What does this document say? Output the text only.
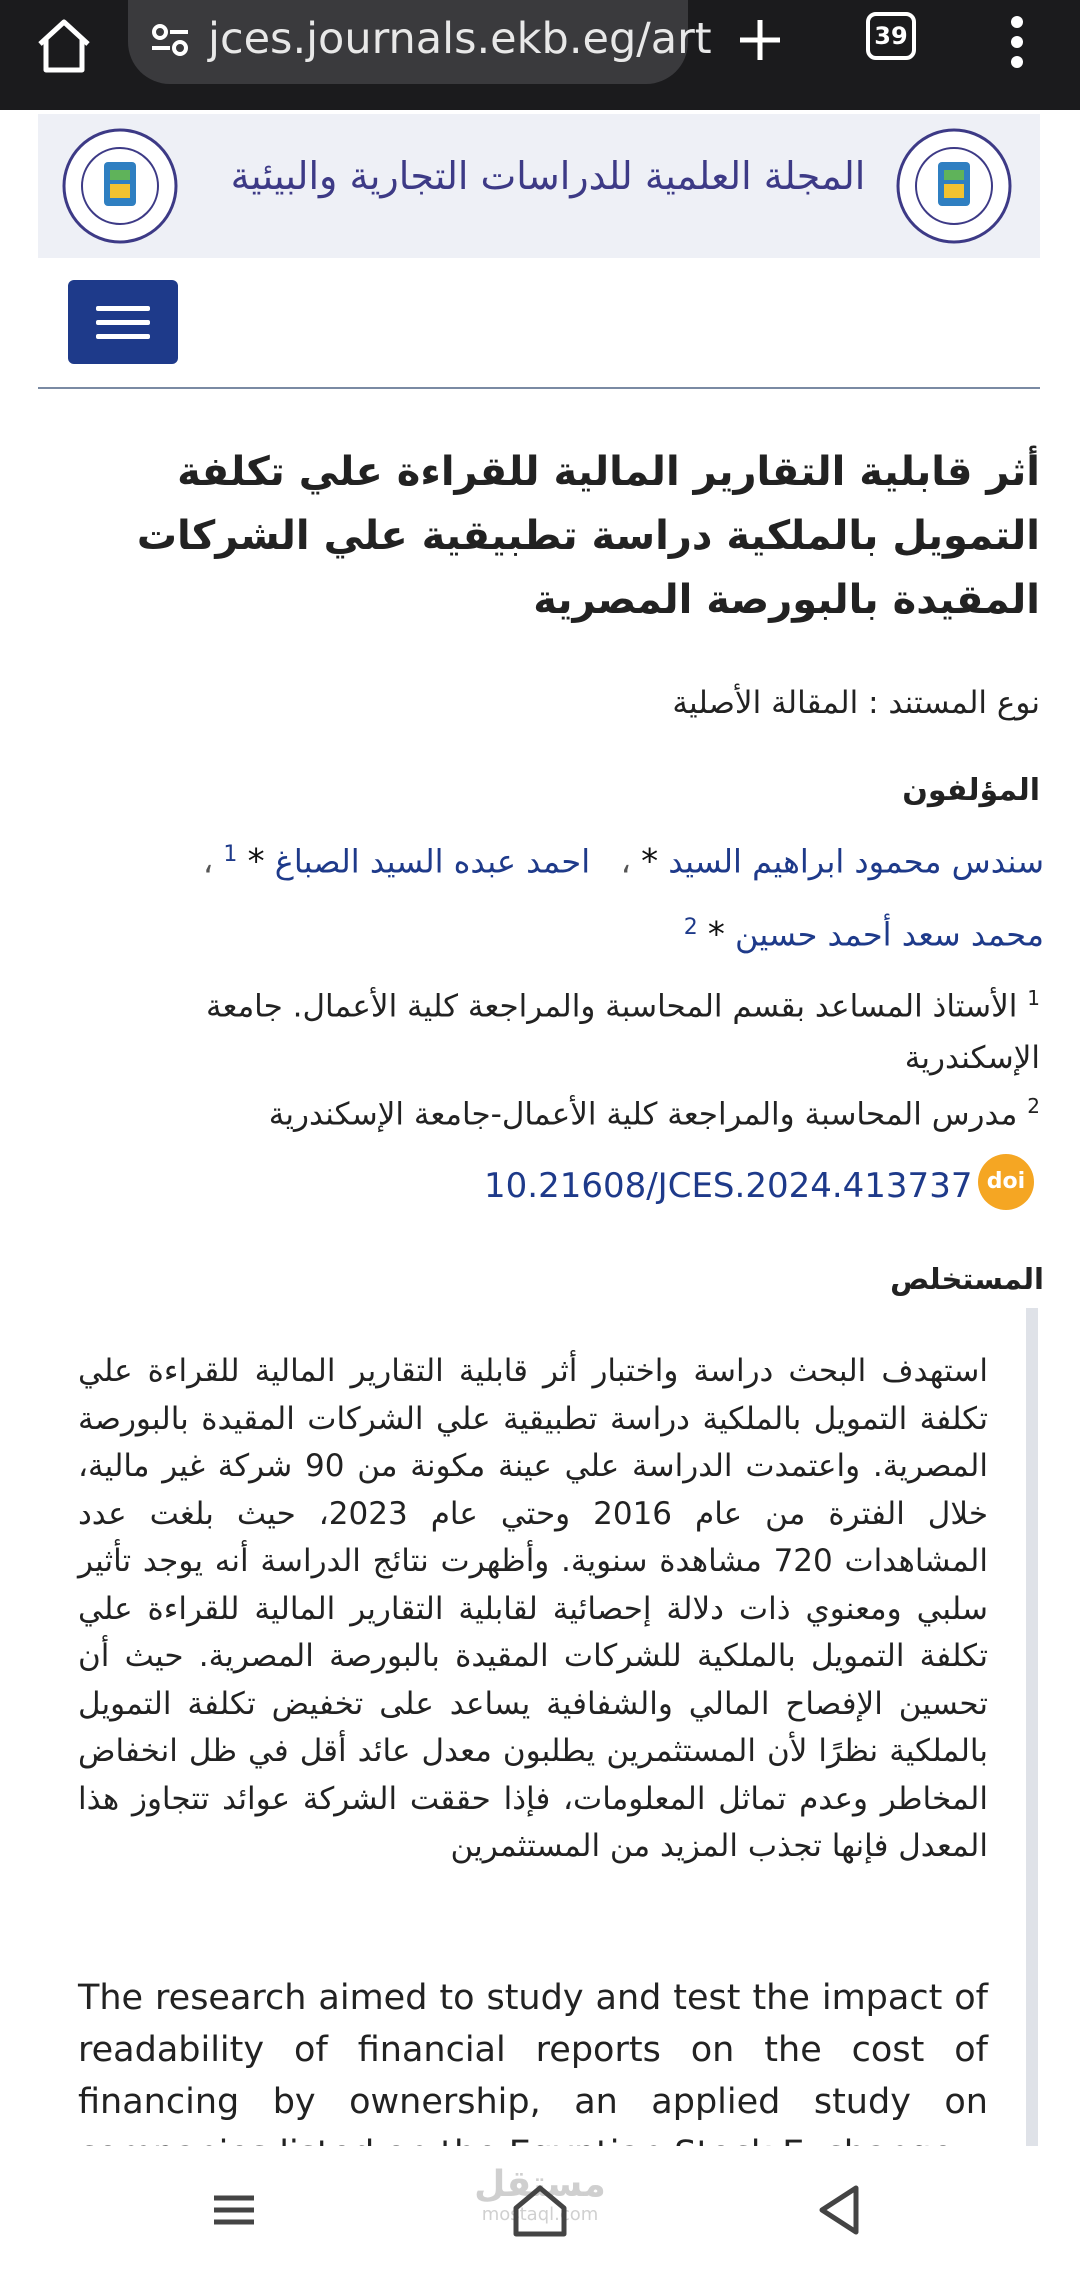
jces.journals.ekb.eg/art	39
المجلة العلمية للدراسات التجارية والبيئية
أثر قابلية التقارير المالية للقراءة علي تكلفة التمويل بالملكية دراسة تطبيقية علي الشركات المقيدة بالبورصة المصرية
نوع المستند : المقالة الأصلية
المؤلفون
سندس محمود ابراهيم السيد * ،   احمد عبده السيد الصباغ * $^1$ ،
محمد سعد أحمد حسين * $^2$
$^1$ الأستاذ المساعد بقسم المحاسبة والمراجعة كلية الأعمال. جامعة الإسكندرية
$^2$ مدرس المحاسبة والمراجعة كلية الأعمال-جامعة الإسكندرية
10.21608/JCES.2024.413737 doi
المستخلص
استهدف البحث دراسة واختبار أثر قابلية التقارير المالية للقراءة علي تكلفة التمويل بالملكية دراسة تطبيقية علي الشركات المقيدة بالبورصة المصرية. واعتمدت الدراسة علي عينة مكونة من 90 شركة غير مالية، خلال الفترة من عام 2016 وحتي عام 2023، حيث بلغت عدد المشاهدات 720 مشاهدة سنوية. وأظهرت نتائج الدراسة أنه يوجد تأثير سلبي ومعنوي ذات دلالة إحصائية لقابلية التقارير المالية للقراءة علي تكلفة التمويل بالملكية للشركات المقيدة بالبورصة المصرية. حيث أن تحسين الإفصاح المالي والشفافية يساعد على تخفيض تكلفة التمويل بالملكية نظرًا لأن المستثمرين يطلبون معدل عائد أقل في ظل انخفاض المخاطر وعدم تماثل المعلومات، فإذا حققت الشركة عوائد تتجاوز هذا المعدل فإنها تجذب المزيد من المستثمرين
The research aimed to study and test the impact of readability of financial reports on the cost of financing by ownership, an applied study on
مستقل
mostaql.com
